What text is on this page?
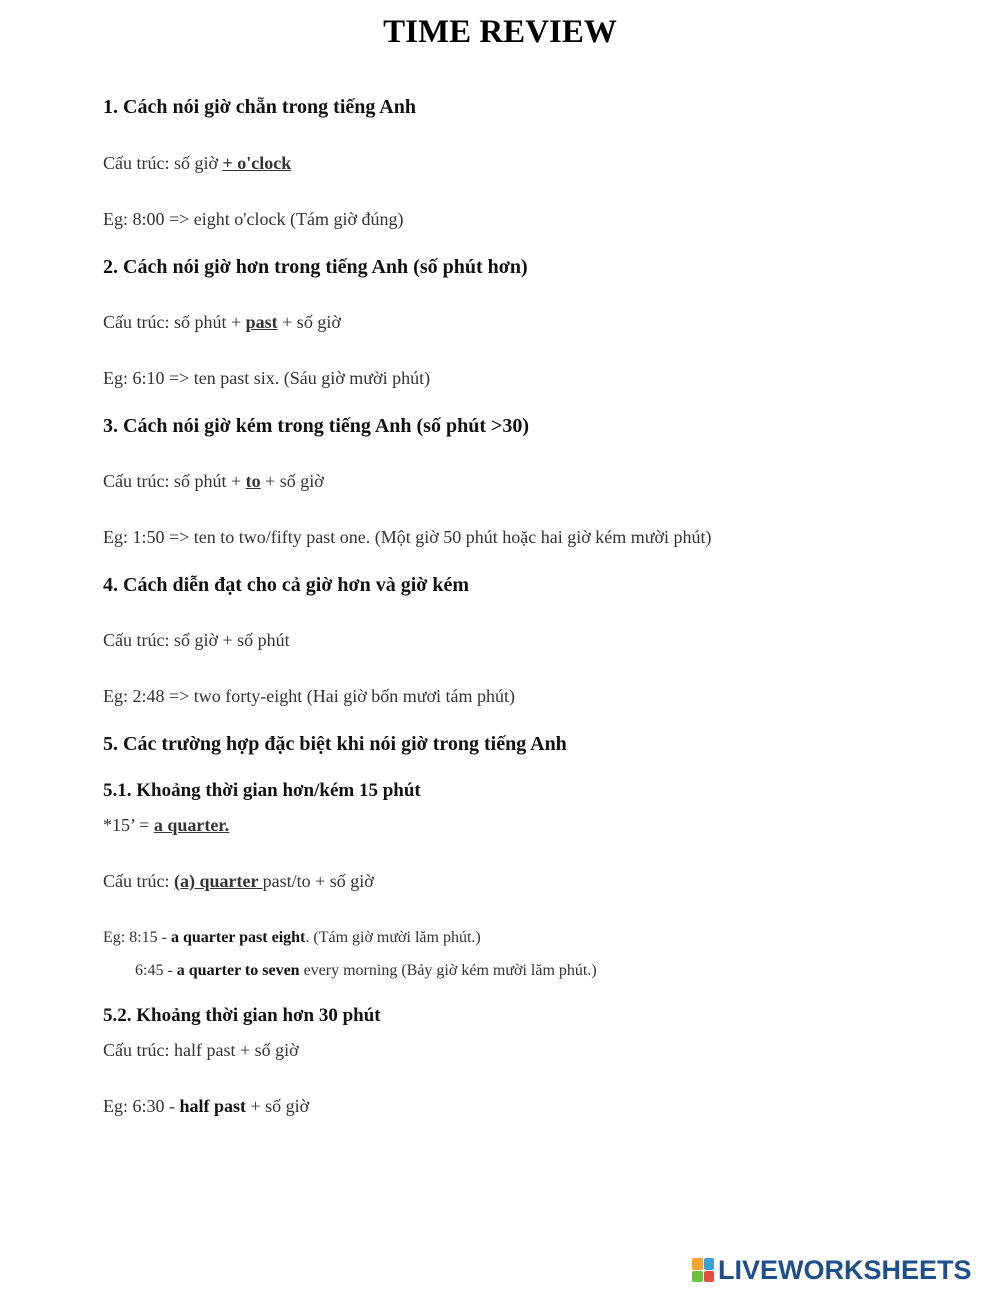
TIME REVIEW

1. Cách nói giờ chẵn trong tiếng Anh

Cấu trúc: số giờ + o'clock

Eg: 8:00 => eight o'clock (Tám giờ đúng)

2. Cách nói giờ hơn trong tiếng Anh (số phút hơn)

Cấu trúc: số phút + past + số giờ

Eg: 6:10 => ten past six. (Sáu giờ mười phút)

3. Cách nói giờ kém trong tiếng Anh (số phút >30)

Cấu trúc: số phút + to + số giờ

Eg: 1:50 => ten to two/fifty past one. (Một giờ 50 phút hoặc hai giờ kém mười phút)

4. Cách diễn đạt cho cả giờ hơn và giờ kém

Cấu trúc: số giờ + số phút

Eg: 2:48 => two forty-eight (Hai giờ bốn mươi tám phút)

5. Các trường hợp đặc biệt khi nói giờ trong tiếng Anh

5.1. Khoảng thời gian hơn/kém 15 phút

*15’ = a quarter.

Cấu trúc: (a) quarter past/to + số giờ

Eg: 8:15 - a quarter past eight. (Tám giờ mười lăm phút.)

6:45 - a quarter to seven every morning (Bảy giờ kém mười lăm phút.)

5.2. Khoảng thời gian hơn 30 phút

Cấu trúc: half past + số giờ

Eg: 6:30 - half past + số giờ

LIVEWORKSHEETS
